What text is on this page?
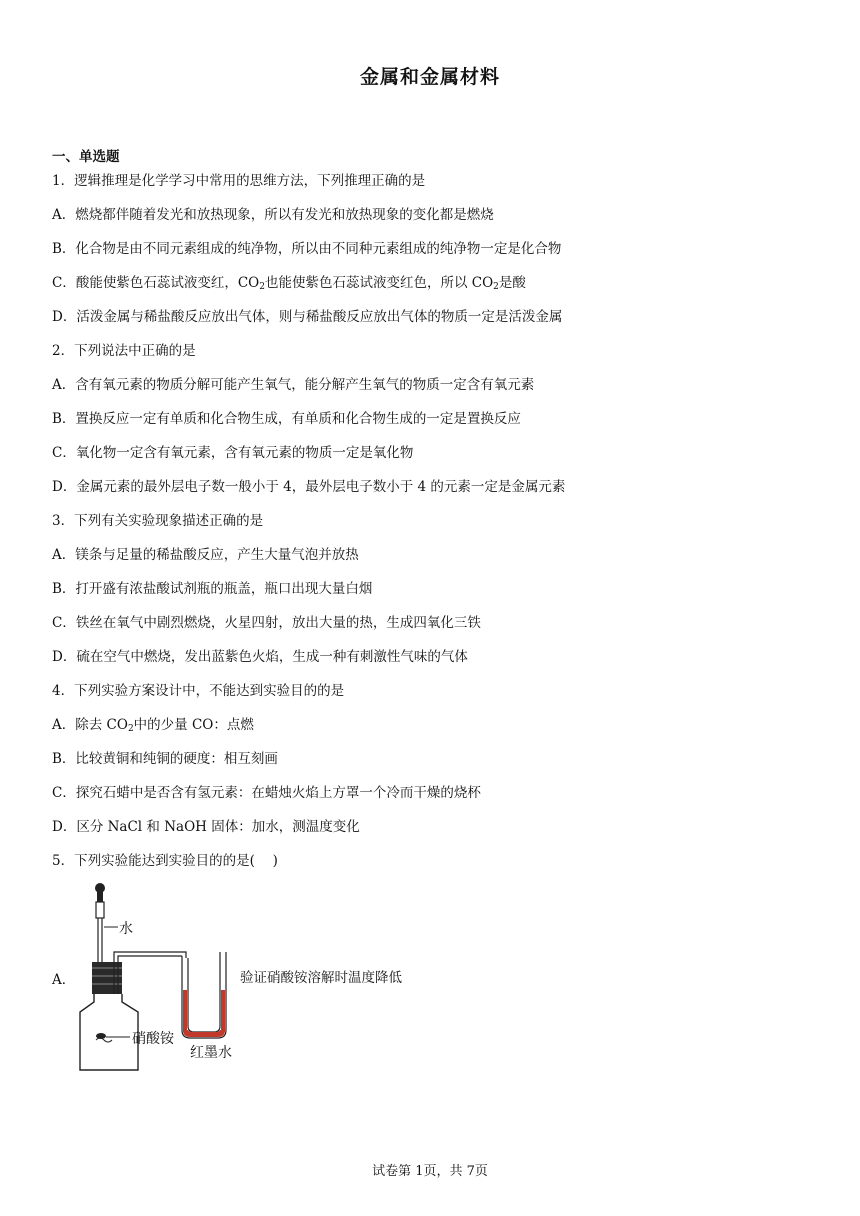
金属和金属材料
一、单选题
1．逻辑推理是化学学习中常用的思维方法，下列推理正确的是
A．燃烧都伴随着发光和放热现象，所以有发光和放热现象的变化都是燃烧
B．化合物是由不同元素组成的纯净物，所以由不同种元素组成的纯净物一定是化合物
C．酸能使紫色石蕊试液变红，$CO_2$也能使紫色石蕊试液变红色，所以 $CO_2$是酸
D．活泼金属与稀盐酸反应放出气体，则与稀盐酸反应放出气体的物质一定是活泼金属
2．下列说法中正确的是
A．含有氧元素的物质分解可能产生氧气，能分解产生氧气的物质一定含有氧元素
B．置换反应一定有单质和化合物生成，有单质和化合物生成的一定是置换反应
C．氧化物一定含有氧元素，含有氧元素的物质一定是氧化物
D．金属元素的最外层电子数一般小于 4，最外层电子数小于 4 的元素一定是金属元素
3．下列有关实验现象描述正确的是
A．镁条与足量的稀盐酸反应，产生大量气泡并放热
B．打开盛有浓盐酸试剂瓶的瓶盖，瓶口出现大量白烟
C．铁丝在氧气中剧烈燃烧，火星四射，放出大量的热，生成四氧化三铁
D．硫在空气中燃烧，发出蓝紫色火焰，生成一种有刺激性气味的气体
4．下列实验方案设计中，不能达到实验目的的是
A．除去 $CO_2$中的少量 CO：点燃
B．比较黄铜和纯铜的硬度：相互刻画
C．探究石蜡中是否含有氢元素：在蜡烛火焰上方罩一个冷而干燥的烧杯
D．区分 NaCl 和 NaOH 固体：加水，测温度变化
5．下列实验能达到实验目的的是(　 )
A．
水
硝酸铵
红墨水
验证硝酸铵溶解时温度降低
试卷第 1页，共 7页
